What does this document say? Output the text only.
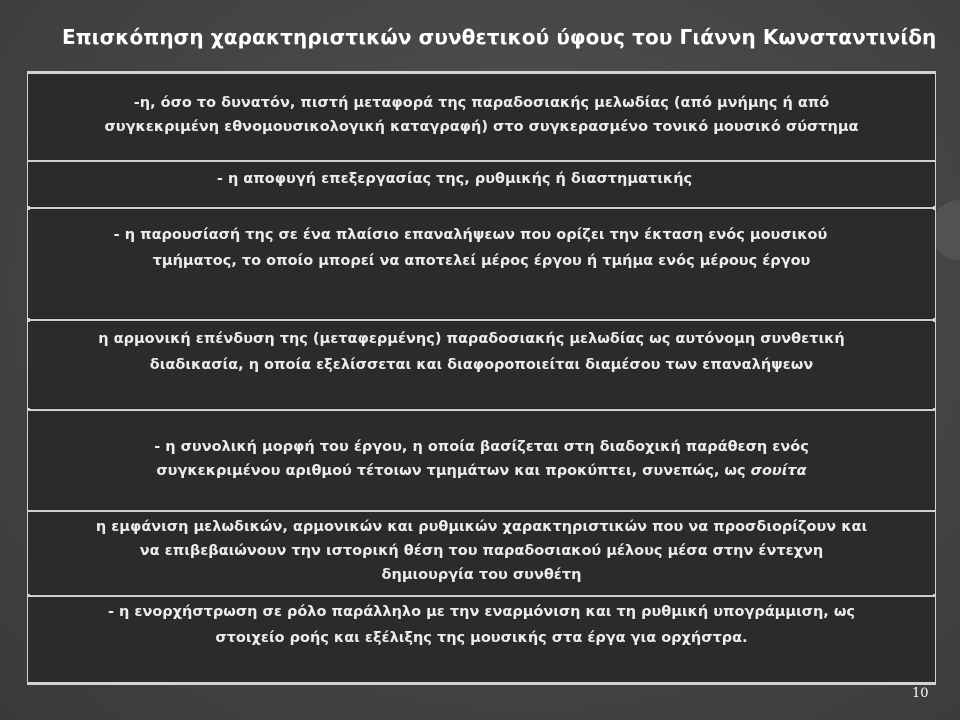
Επισκόπηση χαρακτηριστικών συνθετικού ύφους του Γιάννη Κωνσταντινίδη
-η, όσο το δυνατόν, πιστή μεταφορά της παραδοσιακής μελωδίας (από μνήμης ή από
συγκεκριμένη εθνομουσικολογική καταγραφή) στο συγκερασμένο τονικό μουσικό σύστημα
- η αποφυγή επεξεργασίας της, ρυθμικής ή διαστηματικής
- η παρουσίασή της σε ένα πλαίσιο επαναλήψεων που ορίζει την έκταση ενός μουσικού
τμήματος, το οποίο μπορεί να αποτελεί μέρος έργου ή τμήμα ενός μέρους έργου
η αρμονική επένδυση της (μεταφερμένης) παραδοσιακής μελωδίας ως αυτόνομη συνθετική
διαδικασία, η οποία εξελίσσεται και διαφοροποιείται διαμέσου των επαναλήψεων
- η συνολική μορφή του έργου, η οποία βασίζεται στη διαδοχική παράθεση ενός
συγκεκριμένου αριθμού τέτοιων τμημάτων και προκύπτει, συνεπώς, ως σουίτα
η εμφάνιση μελωδικών, αρμονικών και ρυθμικών χαρακτηριστικών που να προσδιορίζουν και
να επιβεβαιώνουν την ιστορική θέση του παραδοσιακού μέλους μέσα στην έντεχνη
δημιουργία του συνθέτη
- η ενορχήστρωση σε ρόλο παράλληλο με την εναρμόνιση και τη ρυθμική υπογράμμιση, ως
στοιχείο ροής και εξέλιξης της μουσικής στα έργα για ορχήστρα.
10
